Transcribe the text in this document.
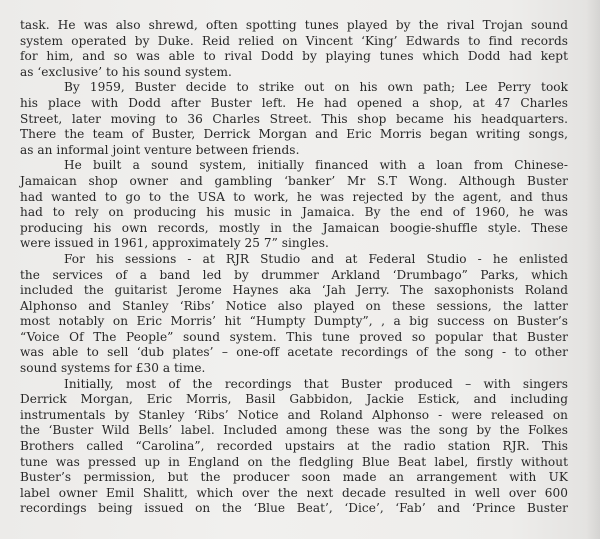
task. He was also shrewd, often spotting tunes played by the rival Trojan sound
system operated by Duke. Reid relied on Vincent ‘King’ Edwards to find records
for him, and so was able to rival Dodd by playing tunes which Dodd had kept
as ‘exclusive’ to his sound system.
By 1959, Buster decide to strike out on his own path; Lee Perry took
his place with Dodd after Buster left. He had opened a shop, at 47 Charles
Street, later moving to 36 Charles Street. This shop became his headquarters.
There the team of Buster, Derrick Morgan and Eric Morris began writing songs,
as an informal joint venture between friends.
He built a sound system, initially financed with a loan from Chinese-
Jamaican shop owner and gambling ‘banker’ Mr S.T Wong. Although Buster
had wanted to go to the USA to work, he was rejected by the agent, and thus
had to rely on producing his music in Jamaica. By the end of 1960, he was
producing his own records, mostly in the Jamaican boogie-shuffle style. These
were issued in 1961, approximately 25 7” singles.
For his sessions - at RJR Studio and at Federal Studio - he enlisted
the services of a band led by drummer Arkland ‘Drumbago” Parks, which
included the guitarist Jerome Haynes aka ‘Jah Jerry. The saxophonists Roland
Alphonso and Stanley ‘Ribs’ Notice also played on these sessions, the latter
most notably on Eric Morris’ hit “Humpty Dumpty”, , a big success on Buster’s
“Voice Of The People” sound system. This tune proved so popular that Buster
was able to sell ‘dub plates’ – one-off acetate recordings of the song - to other
sound systems for £30 a time.
Initially, most of the recordings that Buster produced – with singers
Derrick Morgan, Eric Morris, Basil Gabbidon, Jackie Estick, and including
instrumentals by Stanley ‘Ribs’ Notice and Roland Alphonso - were released on
the ‘Buster Wild Bells’ label. Included among these was the song by the Folkes
Brothers called “Carolina”, recorded upstairs at the radio station RJR. This
tune was pressed up in England on the fledgling Blue Beat label, firstly without
Buster’s permission, but the producer soon made an arrangement with UK
label owner Emil Shalitt, which over the next decade resulted in well over 600
recordings being issued on the ‘Blue Beat’, ‘Dice’, ‘Fab’ and ‘Prince Buster
